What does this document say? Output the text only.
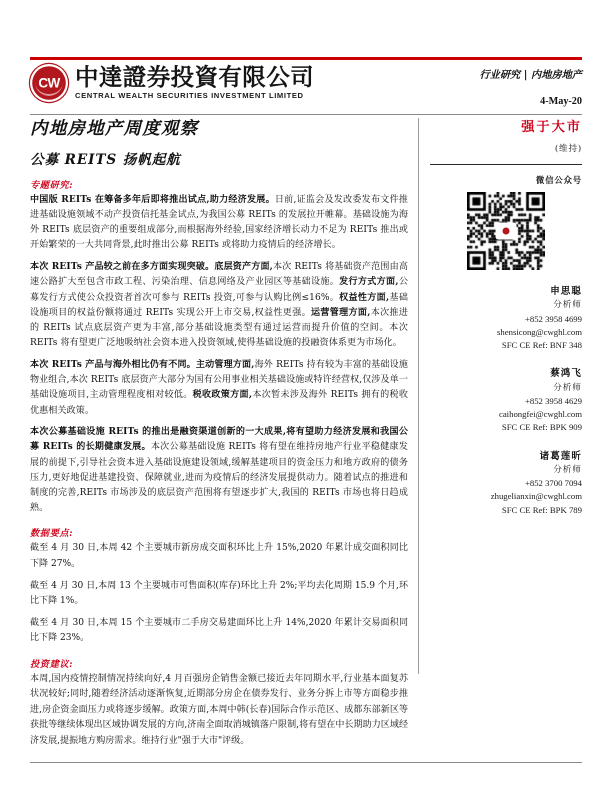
CW 中達證券投資有限公司
CENTRAL WEALTH SECURITIES INVESTMENT LIMITED
行业研究 | 内地房地产
4-May-20
内地房地产周度观察
公募 REITS 扬帆起航
专题研究:

中国版 REITs 在筹备多年后即将推出试点,助力经济发展。日前,证监会及发改委发布文件推进基础设施领域不动产投资信托基金试点,为我国公募 REITs 的发展拉开帷幕。基础设施为海外 REITs 底层资产的重要组成部分,而根据海外经验,国家经济增长动力不足为 REITs 推出或开始繁荣的一大共同背景,此时推出公募 REITs 或将助力疫情后的经济增长。

本次 REITs 产品较之前在多方面实现突破。底层资产方面,本次 REITs 将基础资产范围由高速公路扩大至包含市政工程、污染治理、信息网络及产业园区等基础设施。发行方式方面,公募发行方式使公众投资者首次可参与 REITs 投资,可参与认购比例≤16%。权益性方面,基础设施项目的权益份额将通过 REITs 实现公开上市交易,权益性更强。运营管理方面,本次推进的 REITs 试点底层资产更为丰富,部分基础设施类型有通过运营而提升价值的空间。本次 REITs 将有望更广泛地吸纳社会资本进入投资领域,使得基础设施的投融资体系更为市场化。

本次 REITs 产品与海外相比仍有不同。主动管理方面,海外 REITs 持有较为丰富的基础设施物业组合,本次 REITs 底层资产大部分为国有公用事业相关基础设施或特许经营权,仅涉及单一基础设施项目,主动管理程度相对较低。税收政策方面,本次暂未涉及海外 REITs 拥有的税收优惠相关政策。

本次公募基础设施 REITs 的推出是融资渠道创新的一大成果,将有望助力经济发展和我国公募 REITs 的长期健康发展。本次公募基础设施 REITs 将有望在维持房地产行业平稳健康发展的前提下,引导社会资本进入基础设施建设领域,缓解基建项目的资金压力和地方政府的债务压力,更好地促进基建投资、保障就业,进而为疫情后的经济发展提供动力。随着试点的推进和制度的完善,REITs 市场涉及的底层资产范围将有望逐步扩大,我国的 REITs 市场也将日趋成熟。

数据要点:

截至 4 月 30 日,本周 42 个主要城市新房成交面积环比上升 15%,2020 年累计成交面积同比下降 27%。

截至 4 月 30 日,本周 13 个主要城市可售面积(库存)环比上升 2%;平均去化周期 15.9 个月,环比下降 1%。

截至 4 月 30 日,本周 15 个主要城市二手房交易建面环比上升 14%,2020 年累计交易面积同比下降 23%。

投资建议:

本周,国内疫情控制情况持续向好,4 月百强房企销售金额已接近去年同期水平,行业基本面复苏状况较好;同时,随着经济活动逐渐恢复,近期部分房企在债券发行、业务分拆上市等方面稳步推进,房企资金面压力或将逐步缓解。政策方面,本周中韩(长春)国际合作示范区、成都东部新区等获批等继续体现出区域协调发展的方向,济南全面取消城镇落户限制,将有望在中长期助力区域经济发展,提振地方购房需求。维持行业"强于大市"评级。

强于大市
(维持)
微信公众号
申思聪
分析师
+852 3958 4699
shensicong@cwghl.com
SFC CE Ref: BNF 348
蔡鸿飞
分析师
+852 3958 4629
caihongfei@cwghl.com
SFC CE Ref: BPK 909
诸葛莲昕
分析师
+852 3700 7094
zhugelianxin@cwghl.com
SFC CE Ref: BPK 789
